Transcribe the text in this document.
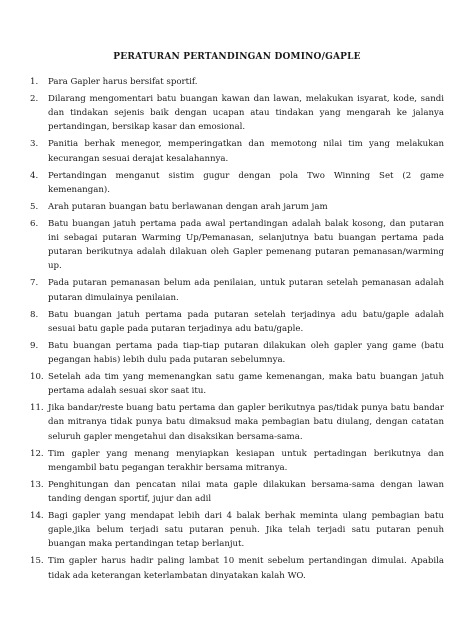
PERATURAN PERTANDINGAN DOMINO/GAPLE
1.	Para Gapler harus bersifat sportif.
2.	Dilarang mengomentari batu buangan kawan dan lawan, melakukan isyarat, kode, sandi dan tindakan sejenis baik dengan ucapan atau tindakan yang mengarah ke jalanya pertandingan, bersikap kasar dan emosional.
3.	Panitia berhak menegor, memperingatkan dan memotong nilai tim yang melakukan kecurangan sesuai derajat kesalahannya.
4.	Pertandingan menganut sistim gugur dengan pola Two Winning Set (2 game kemenangan).
5.	Arah putaran buangan batu berlawanan dengan arah jarum jam
6.	Batu buangan jatuh pertama pada awal pertandingan adalah balak kosong, dan putaran ini sebagai putaran Warming Up/Pemanasan, selanjutnya batu buangan pertama pada putaran berikutnya adalah dilakuan oleh Gapler pemenang putaran pemanasan/warming up.
7.	Pada putaran pemanasan belum ada penilaian, untuk putaran setelah pemanasan adalah putaran dimulainya penilaian.
8.	Batu buangan jatuh pertama pada putaran setelah terjadinya adu batu/gaple adalah sesuai batu gaple pada putaran terjadinya adu batu/gaple.
9.	Batu buangan pertama pada tiap-tiap putaran dilakukan oleh gapler yang game (batu pegangan habis) lebih dulu pada putaran sebelumnya.
10. Setelah ada tim yang memenangkan satu game kemenangan, maka batu buangan jatuh pertama adalah sesuai skor saat itu.
11. Jika bandar/reste buang batu pertama dan gapler berikutnya pas/tidak punya batu bandar dan mitranya tidak punya batu dimaksud maka pembagian batu diulang, dengan catatan seluruh gapler mengetahui dan disaksikan bersama-sama.
12. Tim gapler yang menang menyiapkan kesiapan untuk pertadingan berikutnya dan mengambil batu pegangan terakhir bersama mitranya.
13. Penghitungan dan pencatan nilai mata gaple dilakukan bersama-sama dengan lawan tanding dengan sportif, jujur dan adil
14. Bagi gapler yang mendapat lebih dari 4 balak berhak meminta ulang pembagian batu gaple,jika belum terjadi satu putaran penuh. Jika telah terjadi satu putaran penuh buangan maka pertandingan tetap berlanjut.
15. Tim gapler harus hadir paling lambat 10 menit sebelum pertandingan dimulai. Apabila tidak ada keterangan keterlambatan dinyatakan kalah WO.
